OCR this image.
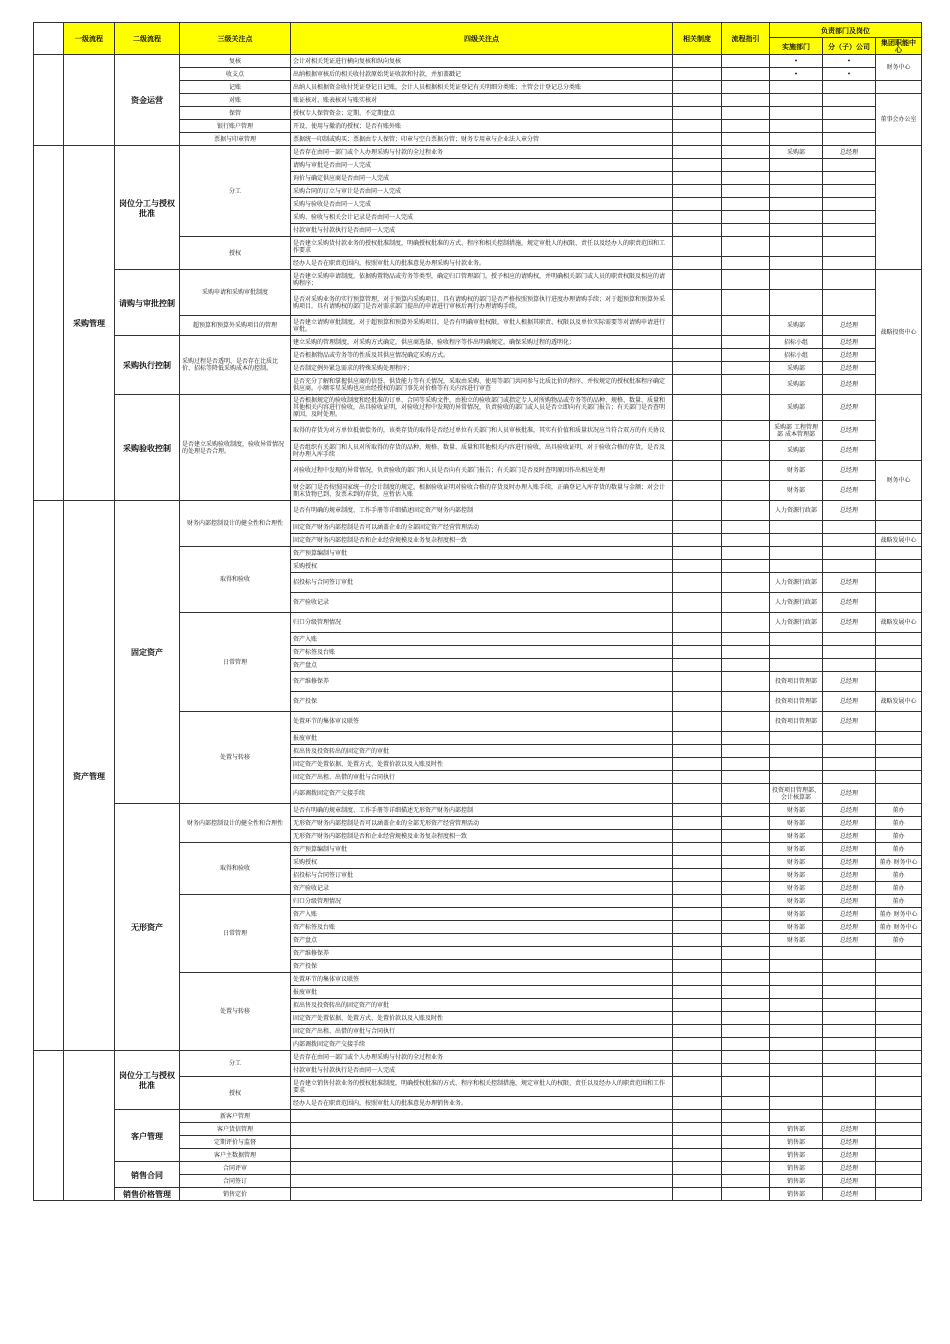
	一级流程	二级流程	三级关注点	四级关注点	相关制度	流程指引	负责部门及岗位		
							实施部门	分（子）公司	集团职能中心
		资金运营	复核	会计对相关凭证进行横向复核和纵向复核			•	•	财务中心
			收支点	出纳根据审核后的相关收付款原始凭证收款和付款，并加盖戳记			•	•	
			记账	出纳人员根据资金收付凭证登记日记账，会计人员根据相关凭证登记有关明细分类账；主管会计登记总分类账					
			对账	账证核对、账表核对与账实核对					董事会办公室
			保管	授权专人保管资金；定期、不定期盘点					
			银行账户管理	开设、使用与撤消的授权；是否有账外账					
			票据与印章管理	票据统一印制或购买；票据由专人保管；印章与空白票据分管；财务专用章与企业法人章分管					
	采购管理	岗位分工与授权批准	分工	是否存在由同一部门或个人办理采购与付款的全过程业务			采购部	总经理	
				请购与审批是否由同一人完成					
				询价与确定供应商是否由同一人完成					
				采购合同的订立与审计是否由同一人完成					
				采购与验收是否由同一人完成					
				采购、验收与相关会计记录是否由同一人完成					
				付款审批与付款执行是否由同一人完成					
			授权	是否建立采购货付款业务的授权批准制度，明确授权批准的方式、程序和相关控制措施，规定审批人的权限、责任以及经办人的职责范围和工作要求					
				经办人是否在职责范围内，按照审批人的批准意见办理采购与付款业务。					
		请购与审批控制	采购申请和采购审批制度	是否建立采购申请制度，依据购置物品或劳务等类型，确定归口管理部门，授予相应的请购权，并明确相关部门或人员的职责权限及相应的请购程序；					战略投资中心
				是否对采购业务的实行预算管理，对于预算内采购项目，具有请购权的部门是否严格按照预算执行进度办理请购手续；对于超预算和预算外采购项目，具有请购权的部门是否对需求部门提出的申请进行审核后再行办理请购手续。					
			超预算和预算外采购项目的管理	是否建立请购审批制度。对于超预算和预算外采购项目，是否有明确审批权限，审批人根据其职责、权限以及单位实际需要等对请购申请进行审批。			采购部	总经理	
		采购执行控制	采购过程是否透明、是否存在比质比价、招标等降低采购成本的控制。	建立采购的管理制度，对采购方式确定，供应商选择、验收程序等作出明确规定，确保采购过程的透明化；			招标小组	总经理	
				是否根据物品或劳务等的性质及其供应情况确定采购方式。			招标小组	总经理	
				是否制定例外紧急需求的特殊采购处理程序；			采购部	总经理	
				是否充分了解和掌握供应商的信誉、供货能力等有关情况，采取由采购、使用等部门共同参与比质比价的程序，并按规定的授权批准程序确定供应商。小额零星采购也应由经授权的部门事先对价格等有关内容进行审查			采购部	总经理	
		采购验收控制	是否建立采购验收制度，验收异常情况的处理是否合理。	是否根据规定的验收制度和经批准的订单、合同等采购文件，由独立的验收部门或指定专人对所购物品或劳务等的品种、规格、数量、质量和其他相关内容进行验收，出具验收证明，对验收过程中发现的异常情况，负责验收的部门或人员是否立即向有关部门报告；有关部门是否查明原因，及时处理。			采购部	总经理	
				取得的存货为对方单位抵债偿务的，该类存货的取得是否经过单位有关部门和人员审核批准，其实有价值和质量状况应当符合双方的有关协议			采购部 工程管理部 成本管理部	总经理	
				是否组织有关部门和人员对所取得的存货的品种、规格、数量、质量和其他相关内容进行验收，出具验收证明，对于验收合格的存货，是否及时办理入库手续			采购部	总经理	
				对验收过程中发现的异常情况，负责验收的部门和人员是否向有关部门报告；有关部门是否及时查明原因作出相应处理			财务部	总经理	财务中心
				财会部门是否按照国家统一的会计制度的规定，根据验收证明对验收合格的存货及时办理入账手续，正确登记入库存货的数量与金额；对会计期末货物已到、发票未到的存货，应暂估入账			财务部	总经理	
	资产管理	固定资产	财务内部控制设计的健全性和合理性	是否有明确的规章制度、工作手册等详细描述固定资产财务内部控制			人力资源行政部	总经理	
				固定资产财务内部控制是否可以涵盖企业的全部固定资产经营管理活动					
				固定资产财务内部控制是否和企业经营规模及业务复杂程度相一致					战略发展中心
			取得和验收	资产预算编制与审批					
				采购授权					
				招投标与合同签订审批			人力资源行政部	总经理	
				资产验收记录			人力资源行政部	总经理	
			日常管理	归口分级管理情况			人力资源行政部	总经理	战略发展中心
				资产入账					
				资产标签及台账					
				资产盘点					
				资产维修保养			投资项目管理部	总经理	
				资产投保			投资项目管理部	总经理	战略发展中心
			处置与转移	处置环节的集体审议联签			投资项目管理部	总经理	
				报废审批					
				拟出售及投资转出的固定资产的审批					
				固定资产处置依据、处置方式、处置价款以及入账及时性					
				固定资产出租、出借的审批与合同执行					
				内部调拨固定资产交接手续			投资项目管理部、会计核算部	总经理	
		无形资产	财务内部控制设计的健全性和合理性	是否有明确的规章制度、工作手册等详细描述无形资产财务内部控制			财务部	总经理	董办
				无形资产财务内部控制是否可以涵盖企业的全部无形资产经营管理活动			财务部	总经理	董办
				无形资产财务内部控制是否和企业经营规模及业务复杂程度相一致			财务部	总经理	董办
			取得和验收	资产预算编制与审批			财务部	总经理	董办
				采购授权			财务部	总经理	董办 财务中心
				招投标与合同签订审批			财务部	总经理	董办
				资产验收记录			财务部	总经理	董办
			日常管理	归口分级管理情况			财务部	总经理	董办
				资产入账			财务部	总经理	董办 财务中心
				资产标签及台账			财务部	总经理	董办 财务中心
				资产盘点			财务部	总经理	董办
				资产维修保养					
				资产投保					
			处置与转移	处置环节的集体审议联签					
				报废审批					
				拟出售及投资转出的固定资产的审批					
				固定资产处置依据、处置方式、处置价款以及入账及时性					
				固定资产出租、出借的审批与合同执行					
				内部调拨固定资产交接手续					
		岗位分工与授权批准	分工	是否存在由同一部门或个人办理采购与付款的全过程业务					
				付款审批与付款执行是否由同一人完成					
			授权	是否建立销售付款业务的授权批准制度，明确授权批准的方式、程序和相关控制措施，规定审批人的权限、责任以及经办人的职责范围和工作要求					
				经办人是否在职责范围内，按照审批人的批准意见办理销售业务。					
		客户管理	新客户管理						
			客户货信管理				销售部	总经理	
			定期评价与监督				销售部	总经理	
			客户主数据管理				销售部	总经理	
		销售合同	合同评审				销售部	总经理	
			合同签订				销售部	总经理	
		销售价格管理	销售定价				销售部	总经理	
